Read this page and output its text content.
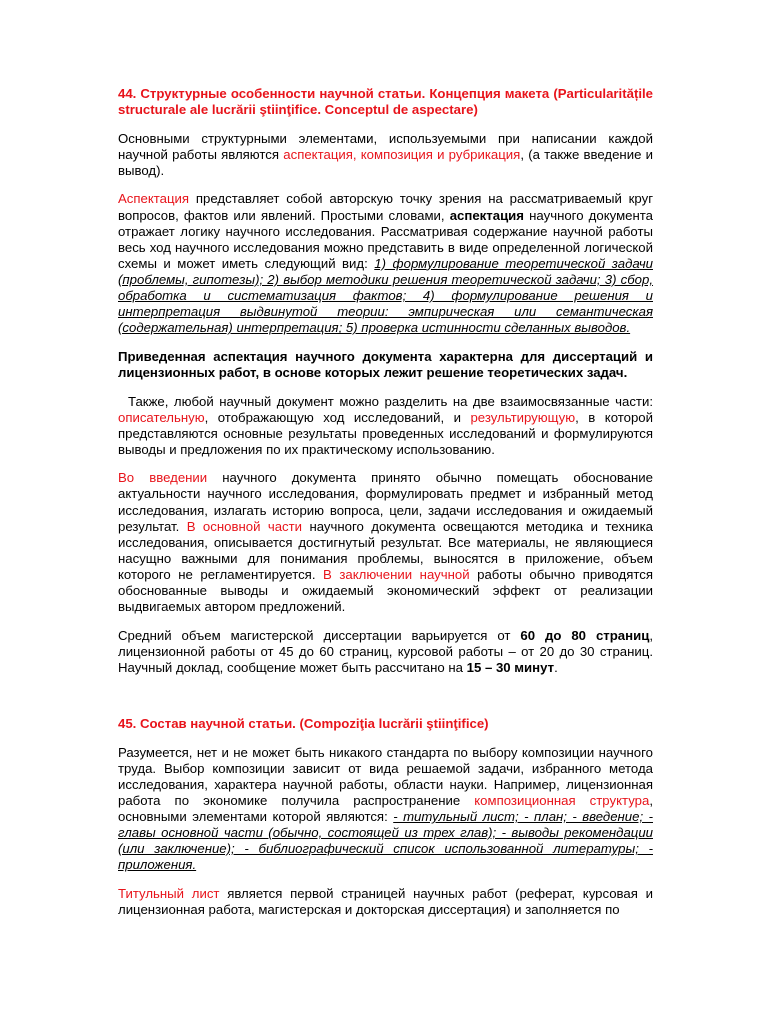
44. Структурные особенности научной статьи. Концепция макета (Particularitățile structurale ale lucrării ştiinţifice. Conceptul de aspectare)

Основными структурными элементами, используемыми при написании каждой научной работы являются аспектация, композиция и рубрикация, (а также введение и вывод).

Аспектация представляет собой авторскую точку зрения на рассматриваемый круг вопросов, фактов или явлений. Простыми словами, аспектация научного документа отражает логику научного исследования. Рассматривая содержание научной работы весь ход научного исследования можно представить в виде определенной логической схемы и может иметь следующий вид: 1) формулирование теоретической задачи (проблемы, гипотезы); 2) выбор методики решения теоретической задачи; 3) сбор, обработка и систематизация фактов; 4) формулирование решения и интерпретация выдвинутой теории: эмпирическая или семантическая (содержательная) интерпретация; 5) проверка истинности сделанных выводов.

Приведенная аспектация научного документа характерна для диссертаций и лицензионных работ, в основе которых лежит решение теоретических задач.

Также, любой научный документ можно разделить на две взаимосвязанные части: описательную, отображающую ход исследований, и результирующую, в которой представляются основные результаты проведенных исследований и формулируются выводы и предложения по их практическому использованию.

Во введении научного документа принято обычно помещать обоснование актуальности научного исследования, формулировать предмет и избранный метод исследования, излагать историю вопроса, цели, задачи исследования и ожидаемый результат. В основной части научного документа освещаются методика и техника исследования, описывается достигнутый результат. Все материалы, не являющиеся насущно важными для понимания проблемы, выносятся в приложение, объем которого не регламентируется. В заключении научной работы обычно приводятся обоснованные выводы и ожидаемый экономический эффект от реализации выдвигаемых автором предложений.

Средний объем магистерской диссертации варьируется от 60 до 80 страниц, лицензионной работы от 45 до 60 страниц, курсовой работы – от 20 до 30 страниц. Научный доклад, сообщение может быть рассчитано на 15 – 30 минут.

45. Состав научной статьи. (Compoziţia lucrării ştiinţifice)

Разумеется, нет и не может быть никакого стандарта по выбору композиции научного труда. Выбор композиции зависит от вида решаемой задачи, избранного метода исследования, характера научной работы, области науки. Например, лицензионная работа по экономике получила распространение композиционная структура, основными элементами которой являются: - титульный лист; - план; - введение; - главы основной части (обычно, состоящей из трех глав); - выводы рекомендации (или заключение); - библиографический список использованной литературы; - приложения.

Титульный лист является первой страницей научных работ (реферат, курсовая и лицензионная работа, магистерская и докторская диссертация) и заполняется по
